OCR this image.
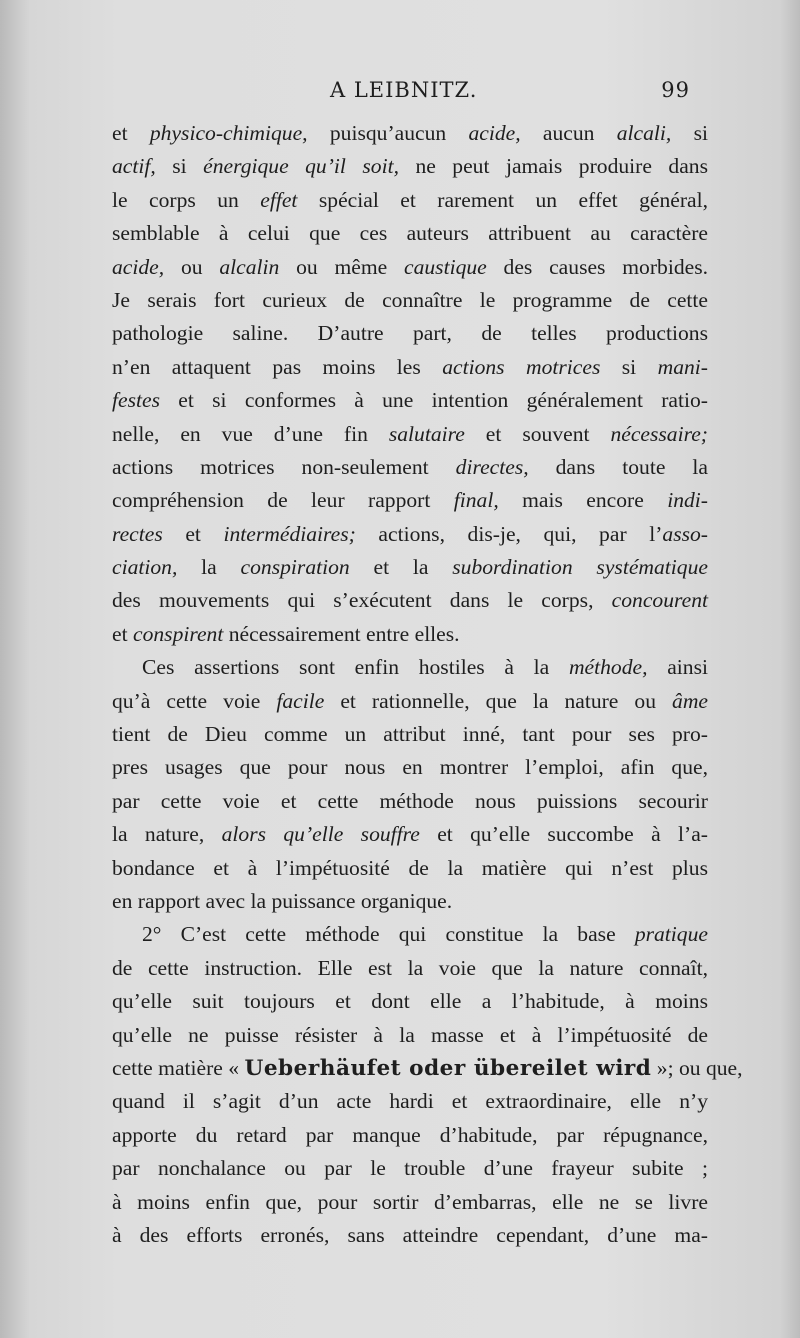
A LEIBNITZ.	99
et physico-chimique, puisqu’aucun acide, aucun alcali, si
actif, si énergique qu’il soit, ne peut jamais produire dans
le corps un effet spécial et rarement un effet général,
semblable à celui que ces auteurs attribuent au caractère
acide, ou alcalin ou même caustique des causes morbides.
Je serais fort curieux de connaître le programme de cette
pathologie saline. D’autre part, de telles productions
n’en attaquent pas moins les actions motrices si mani-
festes et si conformes à une intention généralement ratio-
nelle, en vue d’une fin salutaire et souvent nécessaire;
actions motrices non-seulement directes, dans toute la
compréhension de leur rapport final, mais encore indi-
rectes et intermédiaires; actions, dis-je, qui, par l’asso-
ciation, la conspiration et la subordination systématique
des mouvements qui s’exécutent dans le corps, concourent
et conspirent nécessairement entre elles.
Ces assertions sont enfin hostiles à la méthode, ainsi
qu’à cette voie facile et rationnelle, que la nature ou âme
tient de Dieu comme un attribut inné, tant pour ses pro-
pres usages que pour nous en montrer l’emploi, afin que,
par cette voie et cette méthode nous puissions secourir
la nature, alors qu’elle souffre et qu’elle succombe à l’a-
bondance et à l’impétuosité de la matière qui n’est plus
en rapport avec la puissance organique.
2° C’est cette méthode qui constitue la base pratique
de cette instruction. Elle est la voie que la nature connaît,
qu’elle suit toujours et dont elle a l’habitude, à moins
qu’elle ne puisse résister à la masse et à l’impétuosité de
cette matière « Ueberhäufet oder übereilet wird »; ou que,
quand il s’agit d’un acte hardi et extraordinaire, elle n’y
apporte du retard par manque d’habitude, par répugnance,
par nonchalance ou par le trouble d’une frayeur subite ;
à moins enfin que, pour sortir d’embarras, elle ne se livre
à des efforts erronés, sans atteindre cependant, d’une ma-
